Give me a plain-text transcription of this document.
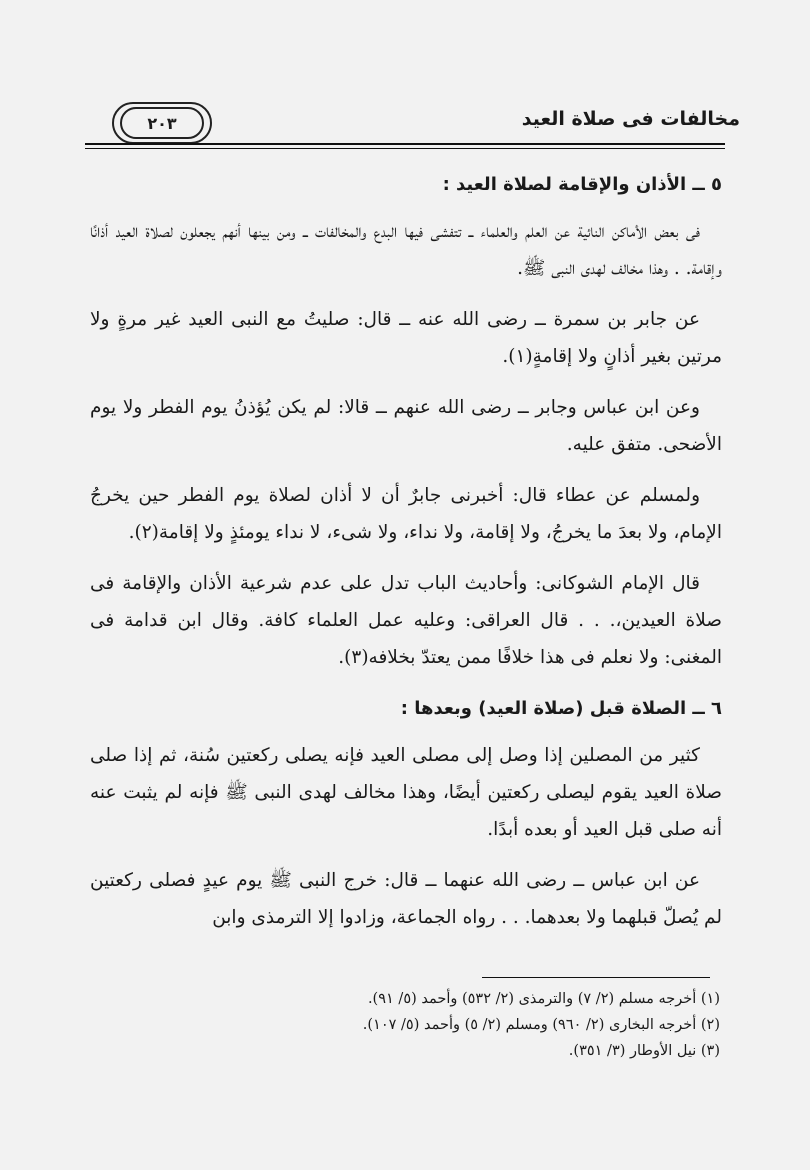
مخالفات فى صلاة العيد
٢٠٣

٥ ــ الأذان والإقامة لصلاة العيد :

فى بعض الأماكن النائية عن العلم والعلماء ــ تتفشى فيها البدع والمخالفات ــ ومن بينها أنهم يجعلون لصلاة العيد أذانًا وإقامة. . وهذا مخالف لهدى النبى ﷺ.

عن جابر بن سمرة ــ رضى الله عنه ــ قال: صليتُ مع النبى العيد غير مرةٍ ولا مرتين بغير أذانٍ ولا إقامةٍ(١).

وعن ابن عباس وجابر ــ رضى الله عنهم ــ قالا: لم يكن يُؤذنُ يوم الفطر ولا يوم الأضحى. متفق عليه.

ولمسلم عن عطاء قال: أخبرنى جابرٌ أن لا أذان لصلاة يوم الفطر حين يخرجُ الإمام، ولا بعدَ ما يخرجُ، ولا إقامة، ولا نداء، ولا شىء، لا نداء يومئذٍ ولا إقامة(٢).

قال الإمام الشوكانى: وأحاديث الباب تدل على عدم شرعية الأذان والإقامة فى صلاة العيدين،. . . قال العراقى: وعليه عمل العلماء كافة. وقال ابن قدامة فى المغنى: ولا نعلم فى هذا خلافًا ممن يعتدّ بخلافه(٣).

٦ ــ الصلاة قبل (صلاة العيد) وبعدها :

كثير من المصلين إذا وصل إلى مصلى العيد فإنه يصلى ركعتين سُنة، ثم إذا صلى صلاة العيد يقوم ليصلى ركعتين أيضًا، وهذا مخالف لهدى النبى ﷺ فإنه لم يثبت عنه أنه صلى قبل العيد أو بعده أبدًا.

عن ابن عباس ــ رضى الله عنهما ــ قال: خرج النبى ﷺ يوم عيدٍ فصلى ركعتين لم يُصلّ قبلهما ولا بعدهما. . . رواه الجماعة، وزادوا إلا الترمذى وابن

(١) أخرجه مسلم (٢/ ٧) والترمذى (٢/ ٥٣٢) وأحمد (٥/ ٩١).

(٢) أخرجه البخارى (٢/ ٩٦٠) ومسلم (٢/ ٥) وأحمد (٥/ ١٠٧).

(٣) نيل الأوطار (٣/ ٣٥١).
